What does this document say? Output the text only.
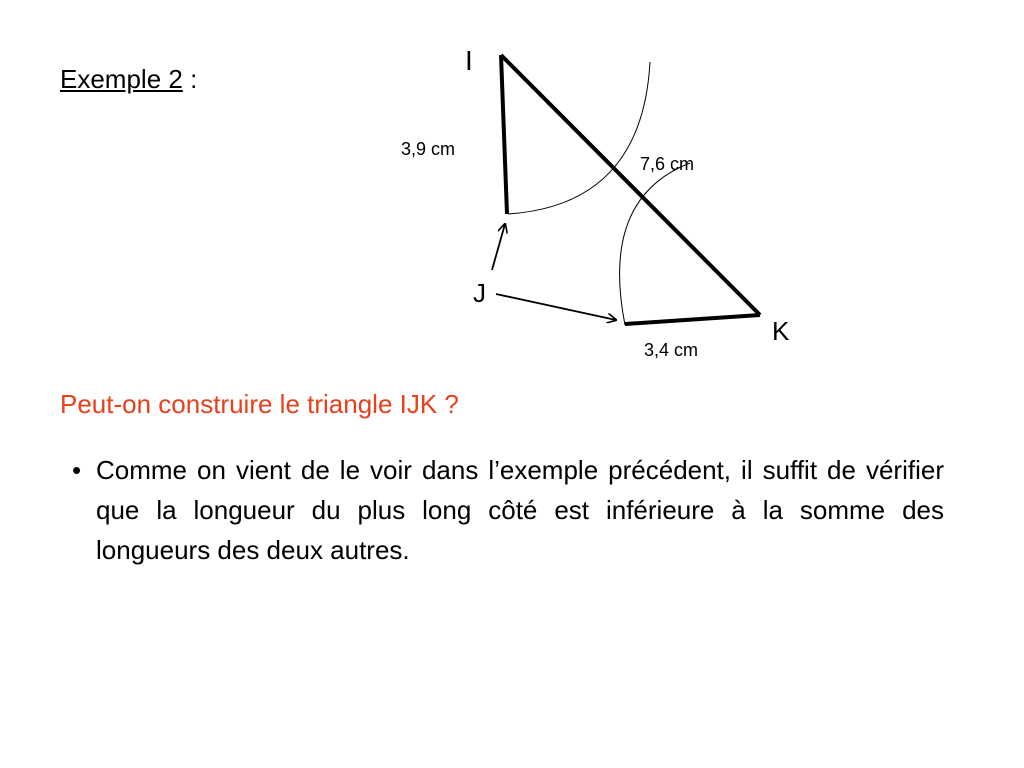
Exemple 2 :
I
J
K
3,9 cm
7,6 cm
3,4 cm
Peut-on construire le triangle IJK ?
• Comme on vient de le voir dans l’exemple précédent, il suffit de vérifier que la longueur du plus long côté est inférieure à la somme des longueurs des deux autres.
